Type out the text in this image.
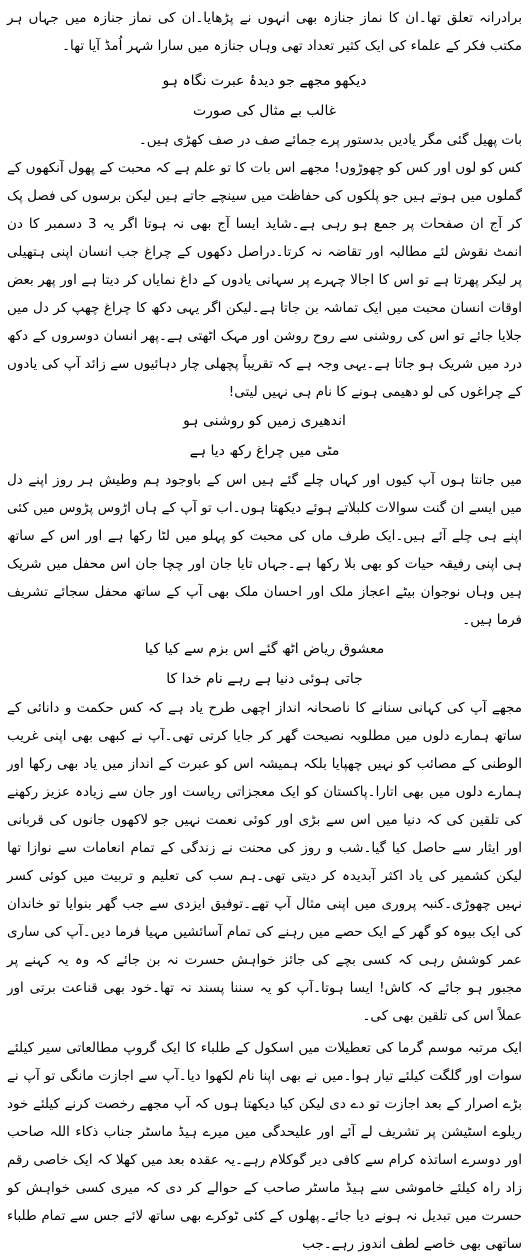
برادرانہ تعلق تھا۔ان کا نماز جنازہ بھی انہوں نے پڑھایا۔ان کی نماز جنازہ میں جہاں ہر مکتب فکر کے علماء کی ایک کثیر تعداد تھی وہاں جنازہ میں سارا شہر اُمڈ آیا تھا۔

دیکھو مجھے جو دیدۂ عبرت نگاہ ہو

غالب بے مثال کی صورت

بات پھیل گئی مگر یادیں بدستور پرے جمائے صف در صف کھڑی ہیں۔

کس کو لوں اور کس کو چھوڑوں! مجھے اس بات کا تو علم ہے کہ محبت کے پھول آنکھوں کے گملوں میں ہوتے ہیں جو پلکوں کی حفاظت میں سینچے جاتے ہیں لیکن برسوں کی فصل پک کر آج ان صفحات پر جمع ہو رہی ہے۔شاید ایسا آج بھی نہ ہوتا اگر یہ 3 دسمبر کا دن انمٹ نقوش لئے مطالبہ اور تقاضہ نہ کرتا۔دراصل دکھوں کے چراغ جب انسان اپنی ہتھیلی پر لیکر پھرتا ہے تو اس کا اجالا چہرے پر سہانی یادوں کے داغ نمایاں کر دیتا ہے اور پھر بعض اوقات انسان محبت میں ایک تماشہ بن جاتا ہے۔لیکن اگر یہی دکھ کا چراغ چھپ کر دل میں جلایا جائے تو اس کی روشنی سے روح روشن اور مہک اٹھتی ہے۔پھر انسان دوسروں کے دکھ درد میں شریک ہو جاتا ہے۔یہی وجہ ہے کہ تقریباً پچھلی چار دہائیوں سے زائد آپ کی یادوں کے چراغوں کی لو دھیمی ہونے کا نام ہی نہیں لیتی!

اندھیری زمیں کو روشنی ہو

مٹی میں چراغ رکھ دیا ہے

میں جانتا ہوں آپ کیوں اور کہاں چلے گئے ہیں اس کے باوجود ہم وطیش ہر روز اپنے دل میں ایسے ان گنت سوالات کلبلاتے ہوئے دیکھتا ہوں۔اب تو آپ کے ہاں اڑوس پڑوس میں کئی اپنے ہی چلے آئے ہیں۔ایک طرف ماں کی محبت کو پہلو میں لٹا رکھا ہے اور اس کے ساتھ ہی اپنی رفیقہ حیات کو بھی بلا رکھا ہے۔جہاں تایا جان اور چچا جان اس محفل میں شریک ہیں وہاں نوجوان بیٹے اعجاز ملک اور احسان ملک بھی آپ کے ساتھ محفل سجائے تشریف فرما ہیں۔

معشوق ریاض اٹھ گئے اس بزم سے کیا کیا

جاتی ہوئی دنیا ہے رہے نام خدا کا

مجھے آپ کی کہانی سنانے کا ناصحانہ انداز اچھی طرح یاد ہے کہ کس حکمت و دانائی کے ساتھ ہمارے دلوں میں مطلوبہ نصیحت گھر کر جایا کرتی تھی۔آپ نے کبھی بھی اپنی غریب الوطنی کے مصائب کو نہیں چھپایا بلکہ ہمیشہ اس کو عبرت کے انداز میں یاد بھی رکھا اور ہمارے دلوں میں بھی اتارا۔پاکستان کو ایک معجزاتی ریاست اور جان سے زیادہ عزیز رکھنے کی تلقین کی کہ دنیا میں اس سے بڑی اور کوئی نعمت نہیں جو لاکھوں جانوں کی قربانی اور ایثار سے حاصل کیا گیا۔شب و روز کی محنت نے زندگی کے تمام انعامات سے نوازا تھا لیکن کشمیر کی یاد اکثر آبدیدہ کر دیتی تھی۔ہم سب کی تعلیم و تربیت میں کوئی کسر نہیں چھوڑی۔کنبہ پروری میں اپنی مثال آپ تھے۔توفیق ایزدی سے جب گھر بنوایا تو خاندان کی ایک بیوہ کو گھر کے ایک حصے میں رہنے کی تمام آسائشیں مہیا فرما دیں۔آپ کی ساری عمر کوشش رہی کہ کسی بچے کی جائز خواہش حسرت نہ بن جائے کہ وہ یہ کہنے پر مجبور ہو جائے کہ کاش! ایسا ہوتا۔آپ کو یہ سننا پسند نہ تھا۔خود بھی قناعت برتی اور عملاً اس کی تلقین بھی کی۔

ایک مرتبہ موسم گرما کی تعطیلات میں اسکول کے طلباء کا ایک گروپ مطالعاتی سیر کیلئے سوات اور گلگت کیلئے تیار ہوا۔میں نے بھی اپنا نام لکھوا دیا۔آپ سے اجازت مانگی تو آپ نے بڑے اصرار کے بعد اجازت تو دے دی لیکن کیا دیکھتا ہوں کہ آپ مجھے رخصت کرنے کیلئے خود ریلوے اسٹیشن پر تشریف لے آئے اور علیحدگی میں میرے ہیڈ ماسٹر جناب ذکاء اللہ صاحب اور دوسرے اساتذہ کرام سے کافی دیر گوکلام رہے۔یہ عقدہ بعد میں کھلا کہ ایک خاصی رقم زاد راہ کیلئے خاموشی سے ہیڈ ماسٹر صاحب کے حوالے کر دی کہ میری کسی خواہش کو حسرت میں تبدیل نہ ہونے دیا جائے۔پھلوں کے کئی ٹوکرے بھی ساتھ لائے جس سے تمام طلباء ساتھی بھی خاصے لطف اندوز رہے۔جب
